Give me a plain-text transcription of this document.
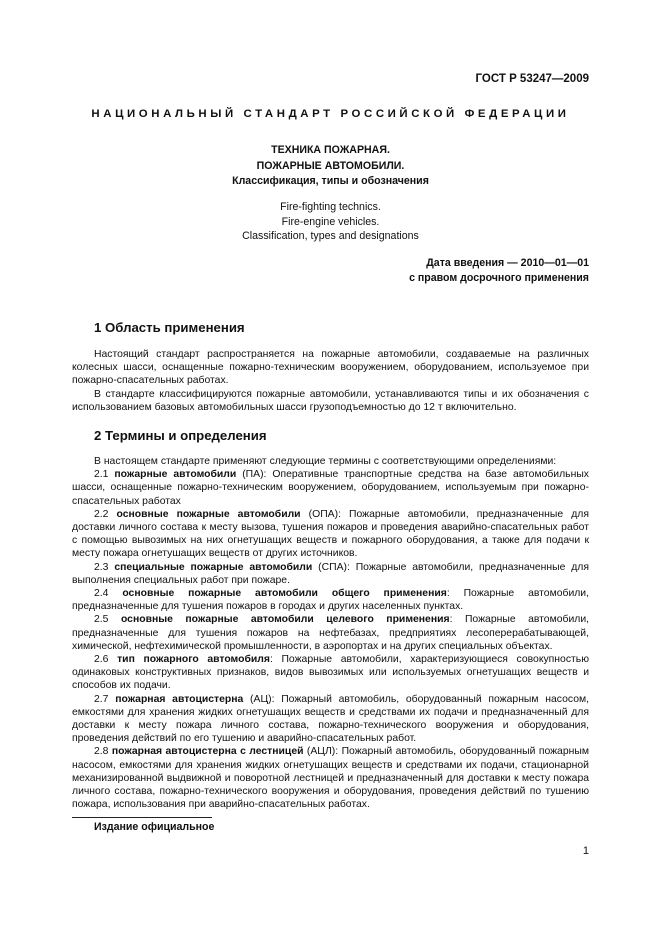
ГОСТ Р 53247—2009
НАЦИОНАЛЬНЫЙ СТАНДАРТ РОССИЙСКОЙ ФЕДЕРАЦИИ
ТЕХНИКА ПОЖАРНАЯ.
ПОЖАРНЫЕ АВТОМОБИЛИ.
Классификация, типы и обозначения
Fire-fighting technics.
Fire-engine vehicles.
Classification, types and designations
Дата введения — 2010—01—01
с правом досрочного применения
1 Область применения

Настоящий стандарт распространяется на пожарные автомобили, создаваемые на различных колесных шасси, оснащенные пожарно-техническим вооружением, оборудованием, используемое при пожарно-спасательных работах.

В стандарте классифицируются пожарные автомобили, устанавливаются типы и их обозначения с использованием базовых автомобильных шасси грузоподъемностью до 12 т включительно.

2 Термины и определения

В настоящем стандарте применяют следующие термины с соответствующими определениями:

2.1 пожарные автомобили (ПА): Оперативные транспортные средства на базе автомобильных шасси, оснащенные пожарно-техническим вооружением, оборудованием, используемым при пожарно-спасательных работах

2.2 основные пожарные автомобили (ОПА): Пожарные автомобили, предназначенные для доставки личного состава к месту вызова, тушения пожаров и проведения аварийно-спасательных работ с помощью вывозимых на них огнетушащих веществ и пожарного оборудования, а также для подачи к месту пожара огнетушащих веществ от других источников.

2.3 специальные пожарные автомобили (СПА): Пожарные автомобили, предназначенные для выполнения специальных работ при пожаре.

2.4 основные пожарные автомобили общего применения: Пожарные автомобили, предназначенные для тушения пожаров в городах и других населенных пунктах.

2.5 основные пожарные автомобили целевого применения: Пожарные автомобили, предназначенные для тушения пожаров на нефтебазах, предприятиях лесоперерабатывающей, химической, нефтехимической промышленности, в аэропортах и на других специальных объектах.

2.6 тип пожарного автомобиля: Пожарные автомобили, характеризующиеся совокупностью одинаковых конструктивных признаков, видов вывозимых или используемых огнетушащих веществ и способов их подачи.

2.7 пожарная автоцистерна (АЦ): Пожарный автомобиль, оборудованный пожарным насосом, емкостями для хранения жидких огнетушащих веществ и средствами их подачи и предназначенный для доставки к месту пожара личного состава, пожарно-технического вооружения и оборудования, проведения действий по его тушению и аварийно-спасательных работ.

2.8 пожарная автоцистерна с лестницей (АЦЛ): Пожарный автомобиль, оборудованный пожарным насосом, емкостями для хранения жидких огнетушащих веществ и средствами их подачи, стационарной механизированной выдвижной и поворотной лестницей и предназначенный для доставки к месту пожара личного состава, пожарно-технического вооружения и оборудования, проведения действий по тушению пожара, использования при аварийно-спасательных работах.

Издание официальное
1
